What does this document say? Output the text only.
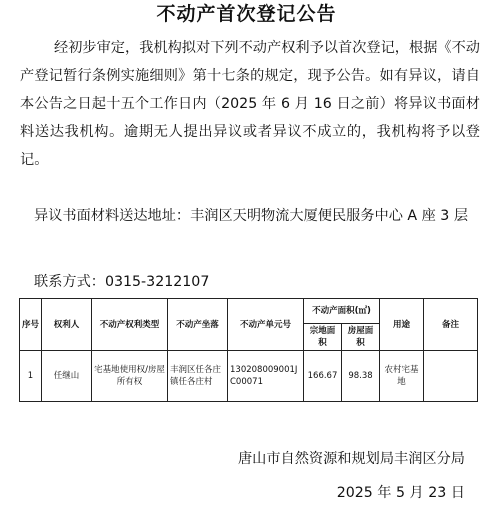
不动产首次登记公告

经初步审定，我机构拟对下列不动产权利予以首次登记，根据《不动产登记暂行条例实施细则》第十七条的规定，现予公告。如有异议，请自本公告之日起十五个工作日内（2025 年 6 月 16 日之前）将异议书面材料送达我机构。逾期无人提出异议或者异议不成立的，我机构将予以登记。

异议书面材料送达地址：丰润区天明物流大厦便民服务中心 A 座 3 层

联系方式：0315-3212107

序号	权利人	不动产权利类型	不动产坐落	不动产单元号	不动产面积(㎡)		用途	备注
					宗地面积	房屋面积		
1	任继山	宅基地使用权/房屋所有权	丰润区任各庄镇任各庄村	130208009001JC00071	166.67	98.38	农村宅基地	

唐山市自然资源和规划局丰润区分局

2025 年 5 月 23 日
